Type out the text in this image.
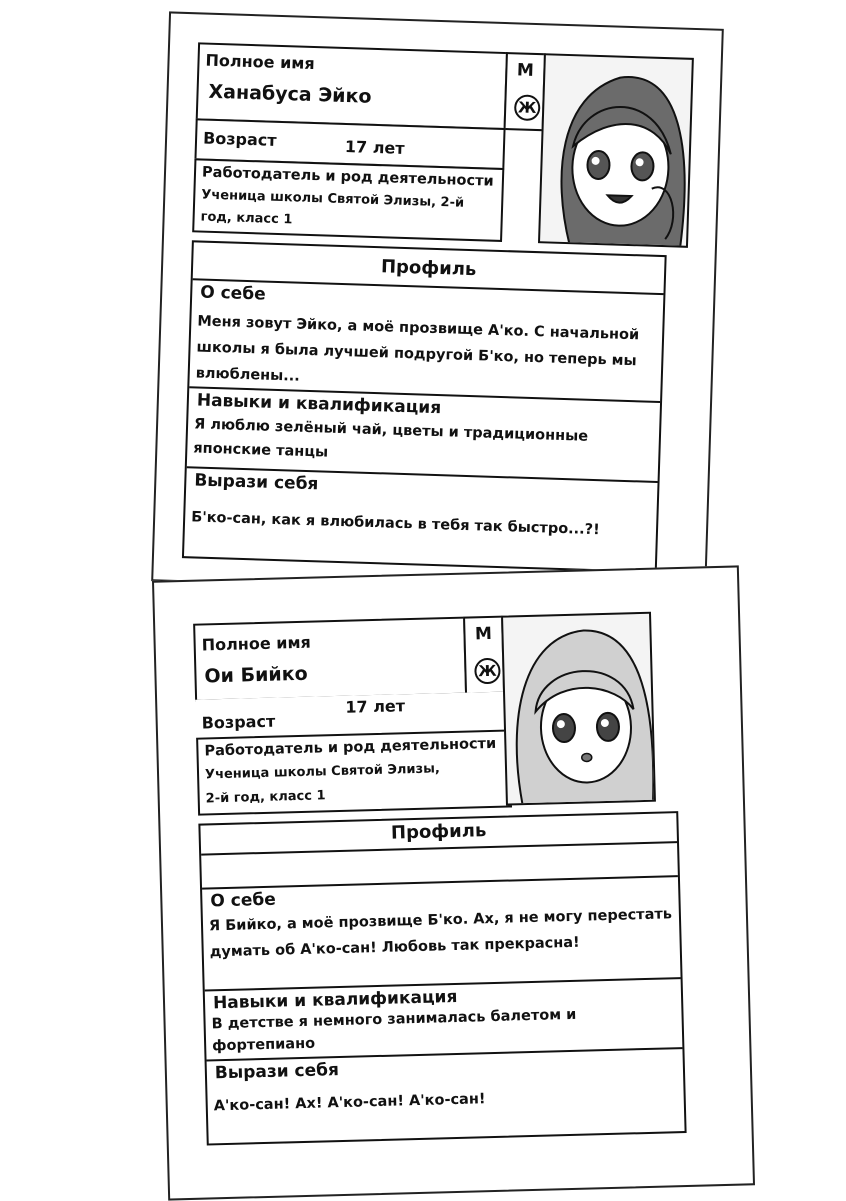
Полное имя
Ханабуса Эйко
М
Ж
Возраст	17 лет
Работодатель и род деятельности
Ученица школы Святой Элизы, 2-й год, класс 1
Профиль
О себе
Меня зовут Эйко, а моё прозвище А'ко. С начальной школы я была лучшей подругой Б'ко, но теперь мы влюблены...
Навыки и квалификация
Я люблю зелёный чай, цветы и традиционные японские танцы
Вырази себя
Б'ко-сан, как я влюбилась в тебя так быстро...?!
Полное имя
Ои Бийко
М
Ж
Возраст
17 лет
Работодатель и род деятельности
Ученица школы Святой Элизы, 2-й год, класс 1
Профиль
О себе
Я Бийко, а моё прозвище Б'ко. Ах, я не могу перестать думать об А'ко-сан! Любовь так прекрасна!
Навыки и квалификация
В детстве я немного занималась балетом и фортепиано
Вырази себя
А'ко-сан! Ах! А'ко-сан! А'ко-сан!
